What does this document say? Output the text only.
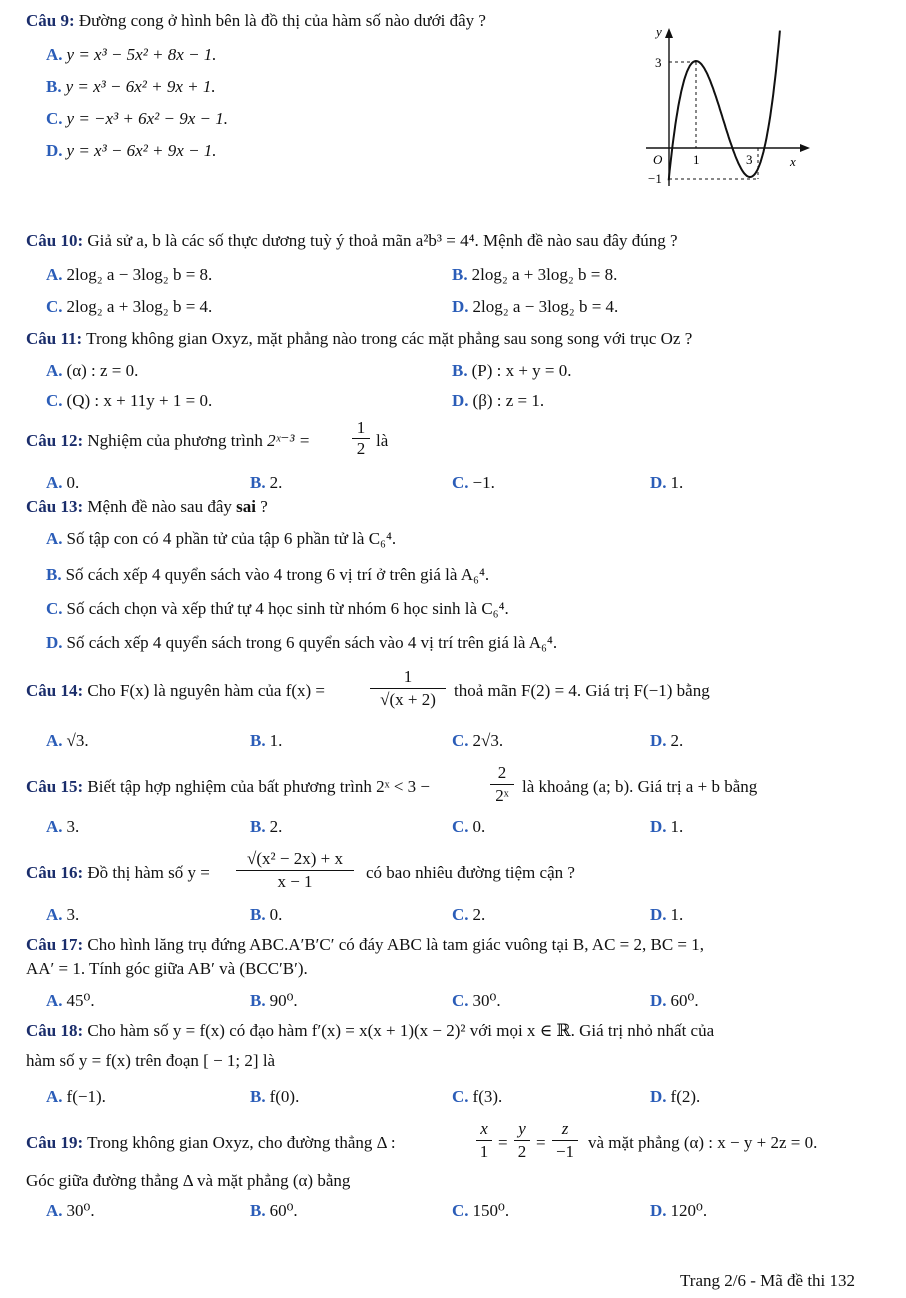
Câu 9: Đường cong ở hình bên là đồ thị của hàm số nào dưới đây ?
A. y = x³ − 5x² + 8x − 1.
B. y = x³ − 6x² + 9x + 1.
C. y = −x³ + 6x² − 9x − 1.
D. y = x³ − 6x² + 9x − 1.
y
x
O
3
−1
1	3
Câu 10: Giả sử a, b là các số thực dương tuỳ ý thoả mãn a²b³ = 4⁴. Mệnh đề nào sau đây đúng ?
A. 2log₂ a − 3log₂ b = 8.	B. 2log₂ a + 3log₂ b = 8.
C. 2log₂ a + 3log₂ b = 4.	D. 2log₂ a − 3log₂ b = 4.
Câu 11: Trong không gian Oxyz, mặt phẳng nào trong các mặt phẳng sau song song với trục Oz ?
A. (α) : z = 0.	B. (P) : x + y = 0.
C. (Q) : x + 11y + 1 = 0.	D. (β) : z = 1.
Câu 12: Nghiệm của phương trình 2ˣ⁻³ = $\frac{1}{2}$ là
A. 0.	B. 2.	C. −1.	D. 1.
Câu 13: Mệnh đề nào sau đây sai ?
A. Số tập con có 4 phần tử của tập 6 phần tử là C₆⁴.
B. Số cách xếp 4 quyển sách vào 4 trong 6 vị trí ở trên giá là A₆⁴.
C. Số cách chọn và xếp thứ tự 4 học sinh từ nhóm 6 học sinh là C₆⁴.
D. Số cách xếp 4 quyển sách trong 6 quyển sách vào 4 vị trí trên giá là A₆⁴.
Câu 14: Cho F(x) là nguyên hàm của f(x) =	$\frac{1}{√(x + 2)}$ thoả mãn F(2) = 4. Giá trị F(−1) bằng
A. √3.	B. 1.	C. 2√3.	D. 2.
Câu 15: Biết tập hợp nghiệm của bất phương trình 2ˣ < 3 −	$\frac{2}{\text{2ˣ}}$ là khoảng (a; b). Giá trị a + b bằng
A. 3.	B. 2.	C. 0.	D. 1.
Câu 16: Đồ thị hàm số $y = \frac{\text{√(x² − 2x) + x}}{x - 1}$ có bao nhiêu đường tiệm cận ?
A. 3.	B. 0.	C. 2.	D. 1.
Câu 17: Cho hình lăng trụ đứng ABC.A′B′C′ có đáy ABC là tam giác vuông tại B, AC = 2, BC = 1,
AA′ = 1. Tính góc giữa AB′ và (BCC′B′).
A. 45⁰.	B. 90⁰.	C. 30⁰.	D. 60⁰.
Câu 18: Cho hàm số y = f(x) có đạo hàm f′(x) = x(x + 1)(x − 2)² với mọi x ∈ ℝ. Giá trị nhỏ nhất của
hàm số y = f(x) trên đoạn [ − 1; 2] là
A. f(−1).	B. f(0).	C. f(3).	D. f(2).
Câu 19: Trong không gian Oxyz, cho đường thẳng Δ :	$\frac{x}{1} = \frac{y}{2} = \frac{z}{-1}$ và mặt phẳng (α) : x − y + 2z = 0.
Góc giữa đường thẳng Δ và mặt phẳng (α) bằng
A. 30⁰.	B. 60⁰.	C. 150⁰.	D. 120⁰.
Trang 2/6 - Mã đề thi 132
